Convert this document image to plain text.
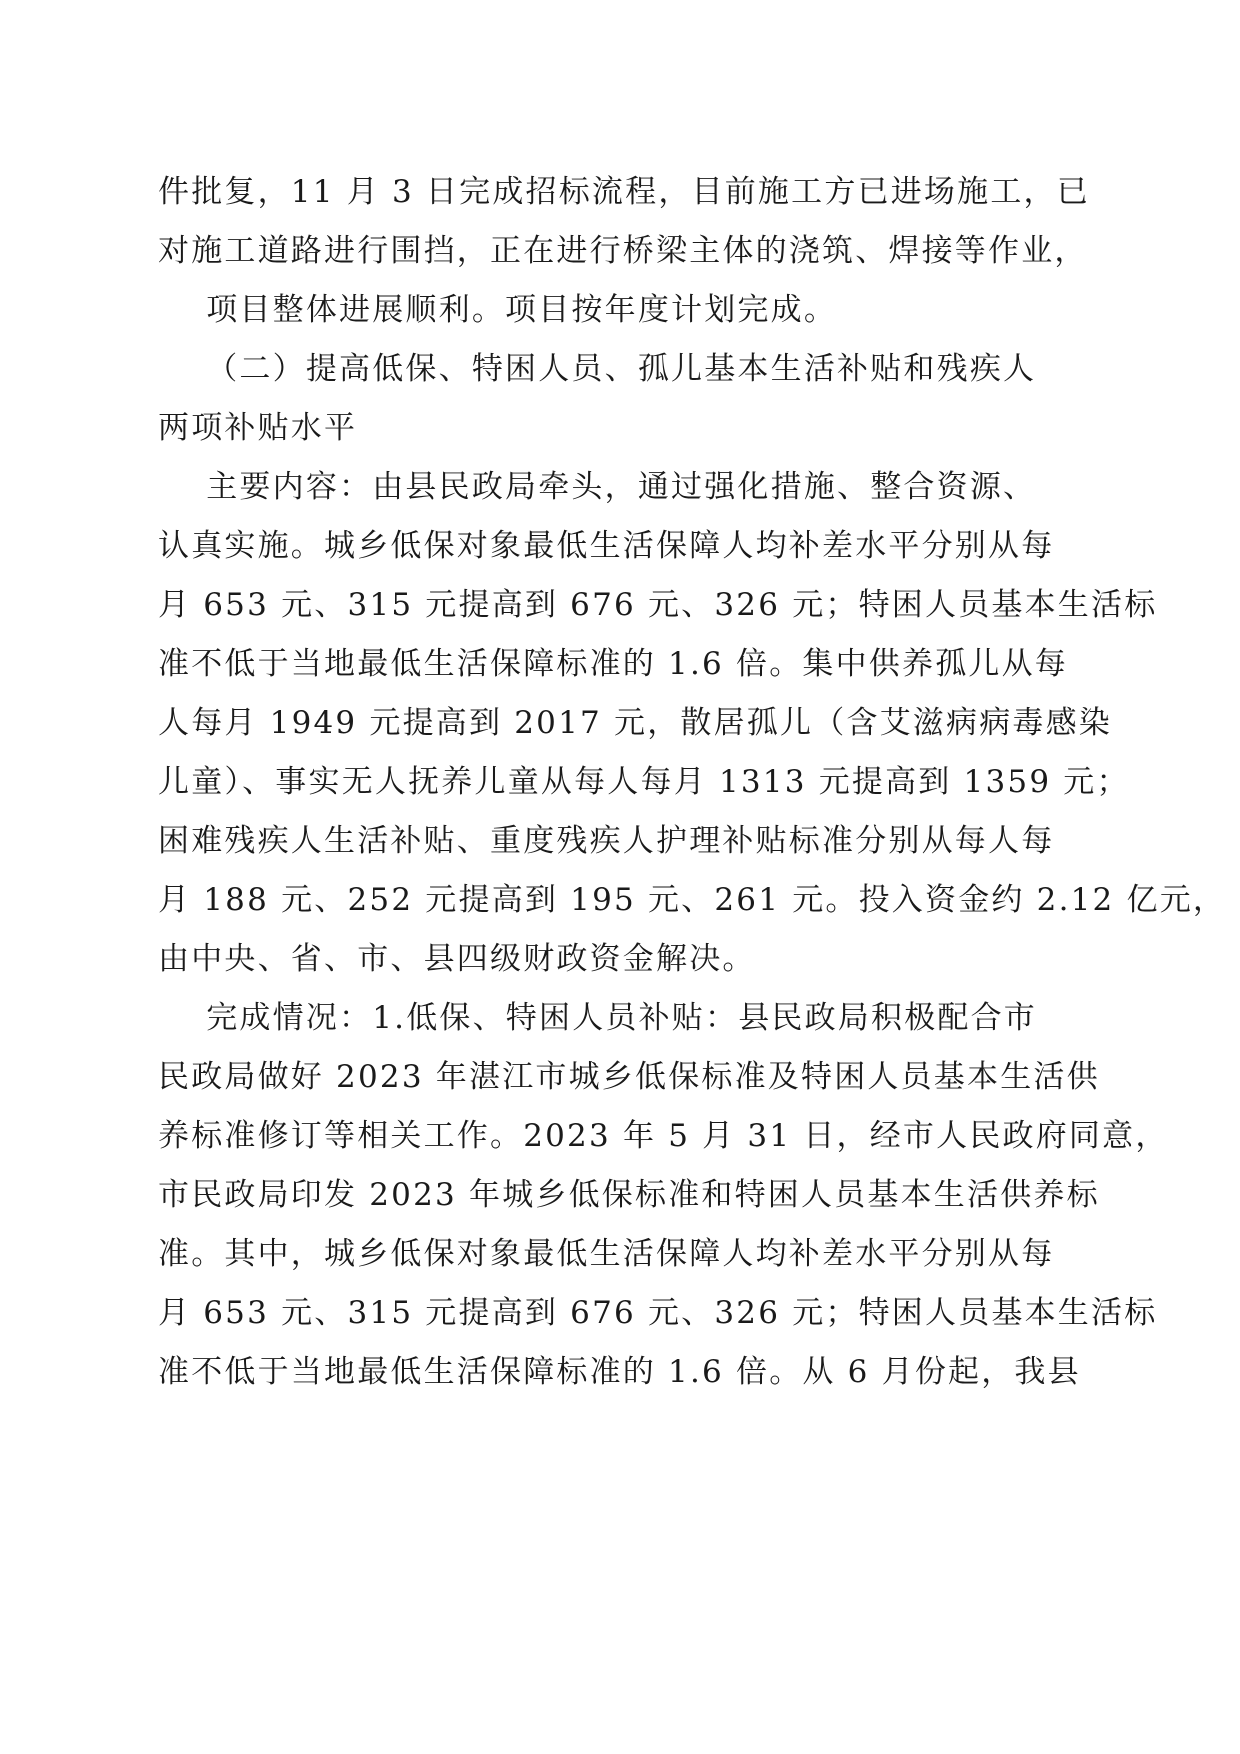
件批复，11 月 3 日完成招标流程，目前施工方已进场施工，已
对施工道路进行围挡，正在进行桥梁主体的浇筑、焊接等作业，
项目整体进展顺利。项目按年度计划完成。
（二）提高低保、特困人员、孤儿基本生活补贴和残疾人
两项补贴水平
主要内容：由县民政局牵头，通过强化措施、整合资源、
认真实施。城乡低保对象最低生活保障人均补差水平分别从每
月 653 元、315 元提高到 676 元、326 元；特困人员基本生活标
准不低于当地最低生活保障标准的 1.6 倍。集中供养孤儿从每
人每月 1949 元提高到 2017 元，散居孤儿（含艾滋病病毒感染
儿童）、事实无人抚养儿童从每人每月 1313 元提高到 1359 元；
困难残疾人生活补贴、重度残疾人护理补贴标准分别从每人每
月 188 元、252 元提高到 195 元、261 元。投入资金约 2.12 亿元，
由中央、省、市、县四级财政资金解决。
完成情况：1.低保、特困人员补贴：县民政局积极配合市
民政局做好 2023 年湛江市城乡低保标准及特困人员基本生活供
养标准修订等相关工作。2023 年 5 月 31 日，经市人民政府同意，
市民政局印发 2023 年城乡低保标准和特困人员基本生活供养标
准。其中，城乡低保对象最低生活保障人均补差水平分别从每
月 653 元、315 元提高到 676 元、326 元；特困人员基本生活标
准不低于当地最低生活保障标准的 1.6 倍。从 6 月份起，我县
